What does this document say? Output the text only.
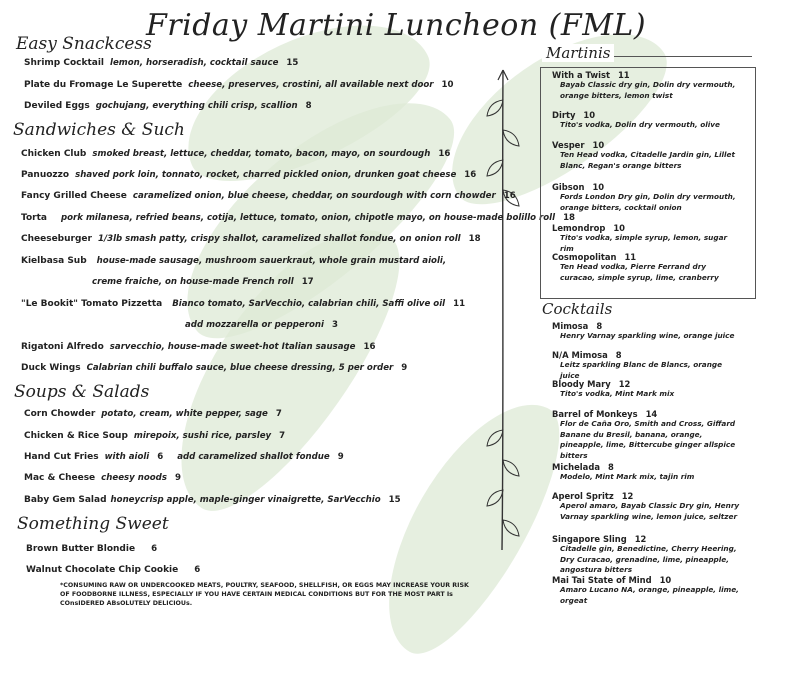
Friday Martini Luncheon (FML)
Easy Snackcess
Shrimp Cocktail lemon, horseradish, cocktail sauce 15
Plate du Fromage Le Superette cheese, preserves, crostini, all available next door 10
Deviled Eggs gochujang, everything chili crisp, scallion 8
Sandwiches & Such
Chicken Club smoked breast, lettuce, cheddar, tomato, bacon, mayo, on sourdough 16
Panuozzo shaved pork loin, tonnato, rocket, charred pickled onion, drunken goat cheese 16
Fancy Grilled Cheese caramelized onion, blue cheese, cheddar, on sourdough with corn chowder 16
Torta pork milanesa, refried beans, cotija, lettuce, tomato, onion, chipotle mayo, on house-made bolillo roll 18
Cheeseburger 1/3lb smash patty, crispy shallot, caramelized shallot fondue, on onion roll 18
Kielbasa Sub house-made sausage, mushroom sauerkraut, whole grain mustard aioli,
creme fraiche, on house-made French roll 17
"Le Bookit" Tomato Pizzetta Bianco tomato, SarVecchio, calabrian chili, Saffi olive oil 11
add mozzarella or pepperoni 3
Rigatoni Alfredo sarvecchio, house-made sweet-hot Italian sausage 16
Duck Wings Calabrian chili buffalo sauce, blue cheese dressing, 5 per order 9
Soups & Salads
Corn Chowder potato, cream, white pepper, sage 7
Chicken & Rice Soup mirepoix, sushi rice, parsley 7
Hand Cut Fries with aioli 6 add caramelized shallot fondue 9
Mac & Cheese cheesy noods 9
Baby Gem Salad honeycrisp apple, maple-ginger vinaigrette, SarVecchio 15
Something Sweet
Brown Butter Blondie 6
Walnut Chocolate Chip Cookie 6
*CONSUMING RAW OR UNDERCOOKED MEATS, POULTRY, SEAFOOD, SHELLFISH, OR EGGS MAY INCREASE YOUR RISK OF FOODBORNE ILLNESS, ESPECIALLY IF YOU HAVE CERTAIN MEDICAL CONDITIONS BUT FOR THE MOST PART Is COnsIDERED ABsOLUTELY DELICIOUs.
Martinis
With a Twist 11
Bayab Classic dry gin, Dolin dry vermouth, orange bitters, lemon twist
Dirty 10
Tito's vodka, Dolin dry vermouth, olive
Vesper 10
Ten Head vodka, Citadelle Jardin gin, Lillet Blanc, Regan's orange bitters
Gibson 10
Fords London Dry gin, Dolin dry vermouth, orange bitters, cocktail onion
Lemondrop 10
Tito's vodka, simple syrup, lemon, sugar rim
Cosmopolitan 11
Ten Head vodka, Pierre Ferrand dry curacao, simple syrup, lime, cranberry
Cocktails
Mimosa 8
Henry Varnay sparkling wine, orange juice
N/A Mimosa 8
Leitz sparkling Blanc de Blancs, orange juice
Bloody Mary 12
Tito's vodka, Mint Mark mix
Barrel of Monkeys 14
Flor de Caña Oro, Smith and Cross, Giffard Banane du Bresil, banana, orange, pineapple, lime, Bittercube ginger allspice bitters
Michelada 8
Modelo, Mint Mark mix, tajin rim
Aperol Spritz 12
Aperol amaro, Bayab Classic Dry gin, Henry Varnay sparkling wine, lemon juice, seltzer
Singapore Sling 12
Citadelle gin, Benedictine, Cherry Heering, Dry Curacao, grenadine, lime, pineapple, angostura bitters
Mai Tai State of Mind 10
Amaro Lucano NA, orange, pineapple, lime, orgeat
